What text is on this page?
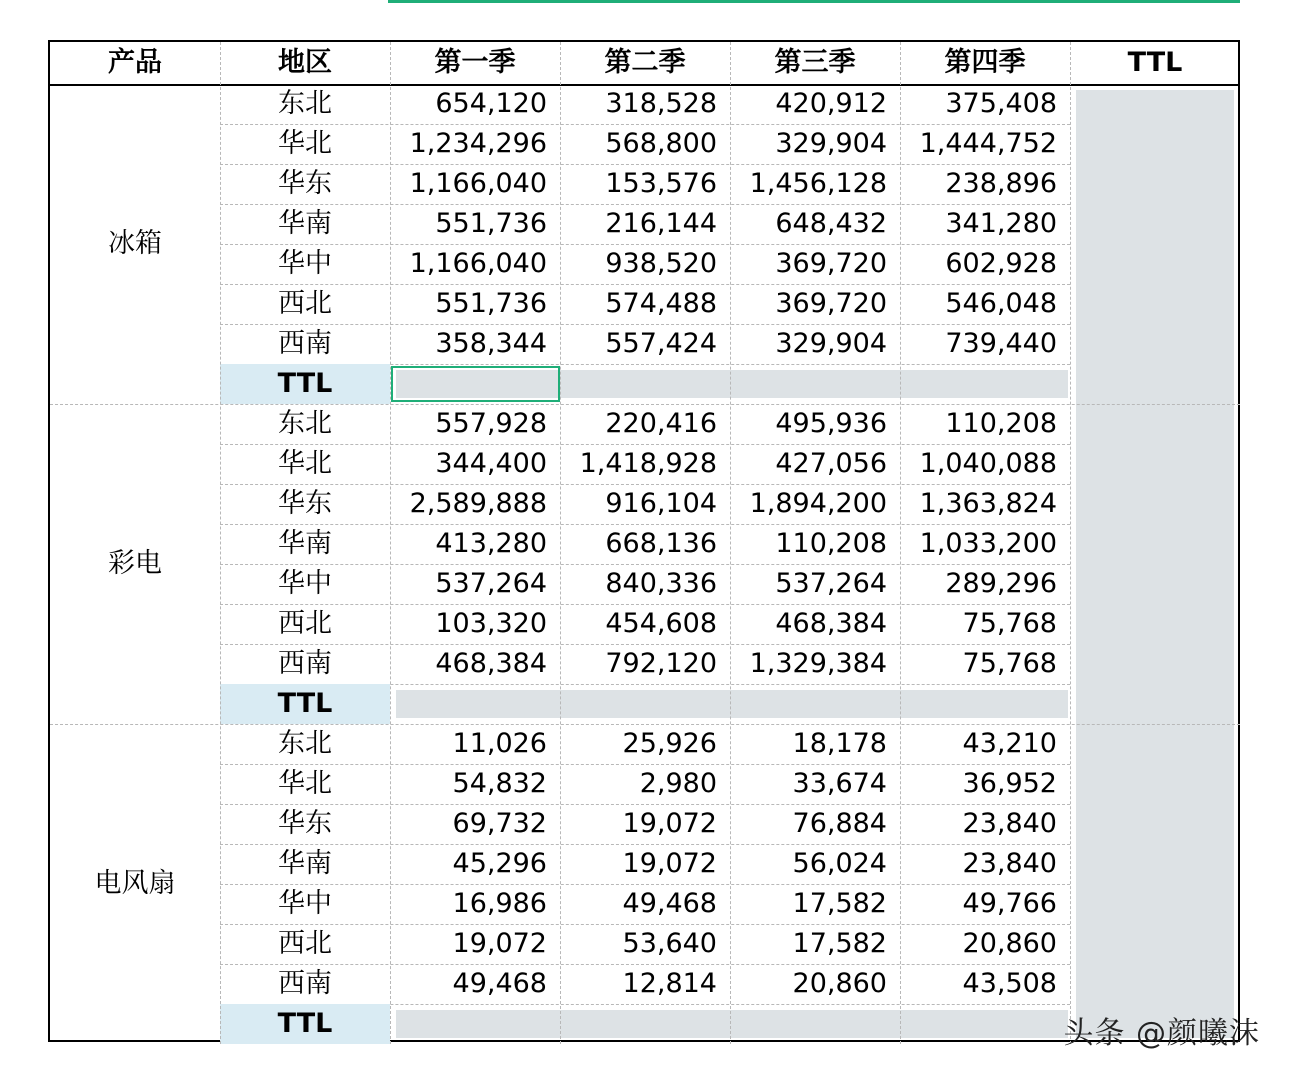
产品	地区	第一季	第二季	第三季	第四季	TTL
冰箱
东北	654,120	318,528	420,912	375,408
华北	1,234,296	568,800	329,904	1,444,752
华东	1,166,040	153,576	1,456,128	238,896
华南	551,736	216,144	648,432	341,280
华中	1,166,040	938,520	369,720	602,928
西北	551,736	574,488	369,720	546,048
西南	358,344	557,424	329,904	739,440
TTL
彩电
东北	557,928	220,416	495,936	110,208
华北	344,400	1,418,928	427,056	1,040,088
华东	2,589,888	916,104	1,894,200	1,363,824
华南	413,280	668,136	110,208	1,033,200
华中	537,264	840,336	537,264	289,296
西北	103,320	454,608	468,384	75,768
西南	468,384	792,120	1,329,384	75,768
TTL
电风扇
东北	11,026	25,926	18,178	43,210
华北	54,832	2,980	33,674	36,952
华东	69,732	19,072	76,884	23,840
华南	45,296	19,072	56,024	23,840
华中	16,986	49,468	17,582	49,766
西北	19,072	53,640	17,582	20,860
西南	49,468	12,814	20,860	43,508
TTL	头条 @颜曦沫
